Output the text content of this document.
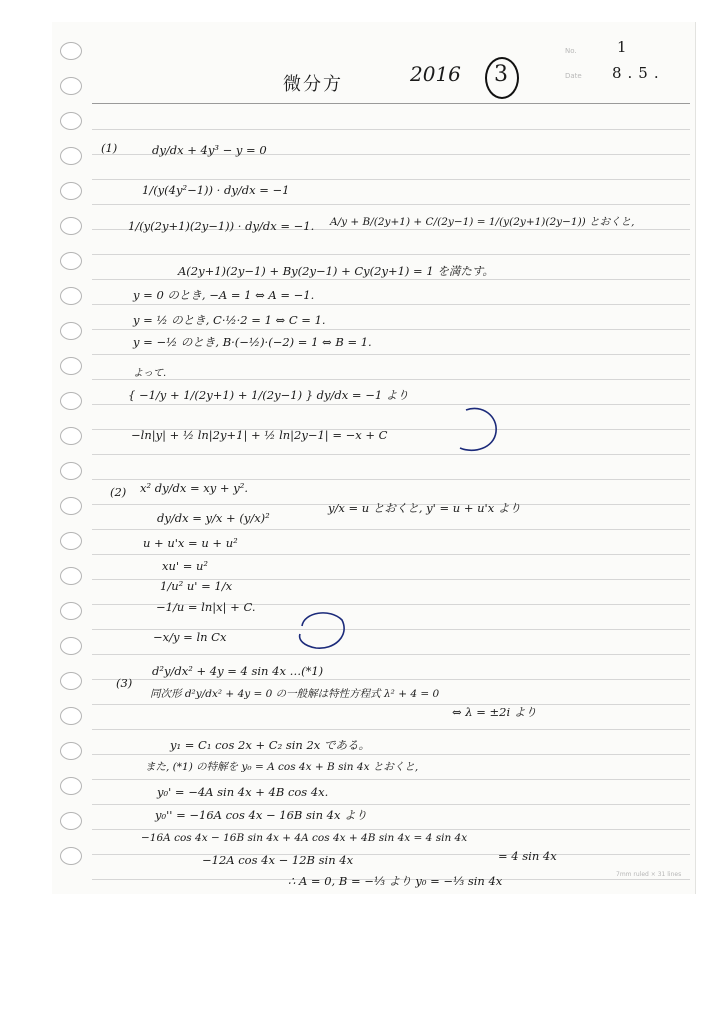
No.	1
Date 8.5.
微分方	2016 3
(1)	dy/dx + 4y³ − y = 0
1/(y(4y²−1)) · dy/dx = −1
1/(y(2y+1)(2y−1)) · dy/dx = −1. A/y + B/(2y+1) + C/(2y−1) = 1/(y(2y+1)(2y−1)) とおくと,
A(2y+1)(2y−1) + By(2y−1) + Cy(2y+1) = 1 を満たす。
y = 0 のとき, −A = 1 ⇔ A = −1.
y = ½ のとき, C·½·2 = 1 ⇔ C = 1.
y = −½ のとき, B·(−½)·(−2) = 1 ⇔ B = 1.
よって.
{ −1/y + 1/(2y+1) + 1/(2y−1) } dy/dx = −1 より
−ln|y| + ½ ln|2y+1| + ½ ln|2y−1| = −x + C
(2) x² dy/dx = xy + y².
dy/dx = y/x + (y/x)²
y/x = u とおくと, y' = u + u'x より
u + u'x = u + u²
xu' = u²
1/u² u' = 1/x
−1/u = ln|x| + C.
−x/y = ln Cx
(3)
d²y/dx² + 4y = 4 sin 4x …(*1)
同次形 d²y/dx² + 4y = 0 の一般解は特性方程式 λ² + 4 = 0
⇔ λ = ±2i より
y₁ = C₁ cos 2x + C₂ sin 2x である。
また, (*1) の特解を y₀ = A cos 4x + B sin 4x とおくと,
y₀' = −4A sin 4x + 4B cos 4x.
y₀'' = −16A cos 4x − 16B sin 4x より
−16A cos 4x − 16B sin 4x + 4A cos 4x + 4B sin 4x = 4 sin 4x
−12A cos 4x − 12B sin 4x	= 4 sin 4x
∴ A = 0, B = −⅓ より y₀ = −⅓ sin 4x	7mm ruled × 31 lines
